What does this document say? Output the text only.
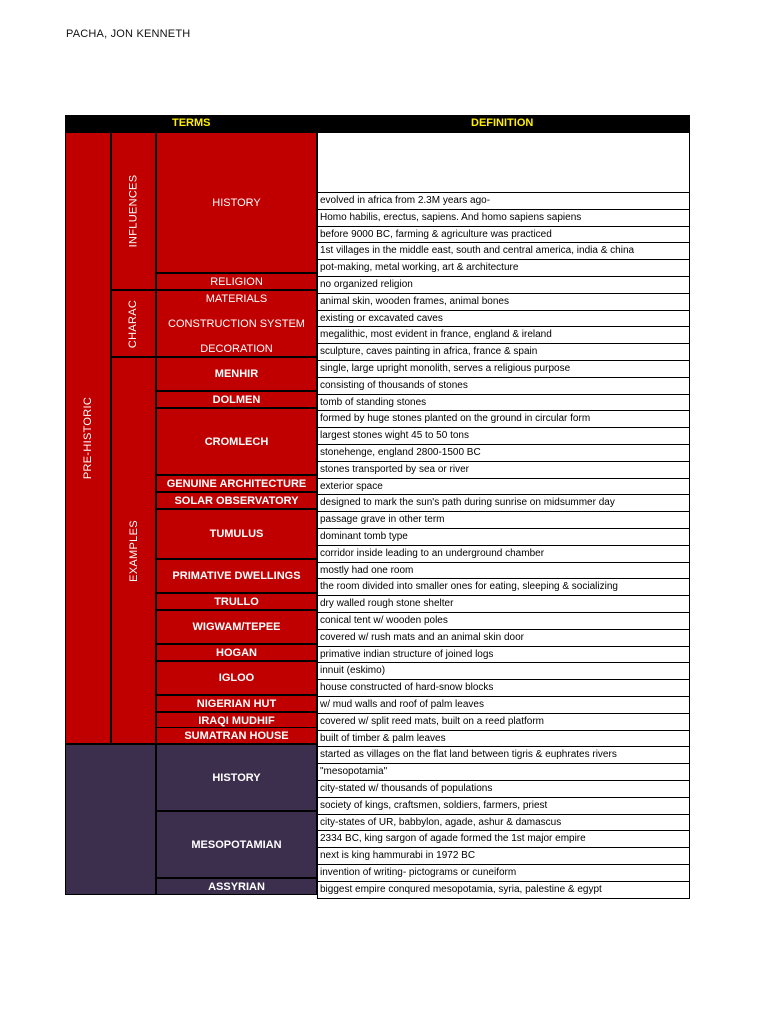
PACHA, JON KENNETH
TERMS	DEFINITION
PRE-HISTORIC
INFLUENCES
CHARAC
EXAMPLES
HISTORY
RELIGION
MATERIALS
CONSTRUCTION SYSTEM
DECORATION
MENHIR
DOLMEN
CROMLECH
GENUINE ARCHITECTURE
SOLAR OBSERVATORY
TUMULUS
PRIMATIVE DWELLINGS
TRULLO
WIGWAM/TEPEE
HOGAN
IGLOO
NIGERIAN HUT
IRAQI MUDHIF
SUMATRAN HOUSE
HISTORY
MESOPOTAMIAN
ASSYRIAN
evolved in africa from 2.3M years ago-
Homo habilis, erectus, sapiens. And homo sapiens sapiens
before 9000 BC, farming & agriculture was practiced
1st villages in the middle east, south and central america, india & china
pot-making, metal working, art & architecture
no organized religion
animal skin, wooden frames, animal bones
existing or excavated caves
megalithic, most evident in france, england & ireland
sculpture, caves painting in africa, france & spain
single, large upright monolith, serves a religious purpose
consisting of thousands of stones
tomb of standing stones
formed by huge stones planted on the ground in circular form
largest stones wight 45 to 50 tons
stonehenge, england 2800-1500 BC
stones transported by sea or river
exterior space
designed to mark the sun's path during sunrise on midsummer day
passage grave in other term
dominant tomb type
corridor inside leading to an underground chamber
mostly had one room
the room divided into smaller ones for eating, sleeping & socializing
dry walled rough stone shelter
conical tent w/ wooden poles
covered w/ rush mats and an animal skin door
primative indian structure of joined logs
innuit (eskimo)
house constructed of hard-snow blocks
w/ mud walls and roof of palm leaves
covered w/ split reed mats, built on a reed platform
built of timber & palm leaves
started as villages on the flat land between tigris & euphrates rivers
"mesopotamia"
city-stated w/ thousands of populations
society of kings, craftsmen, soldiers, farmers, priest
city-states of UR, babbylon, agade, ashur & damascus
2334 BC, king sargon of agade formed the 1st major empire
next is king hammurabi in 1972 BC
invention of writing- pictograms or cuneiform
biggest empire conqured mesopotamia, syria, palestine & egypt
